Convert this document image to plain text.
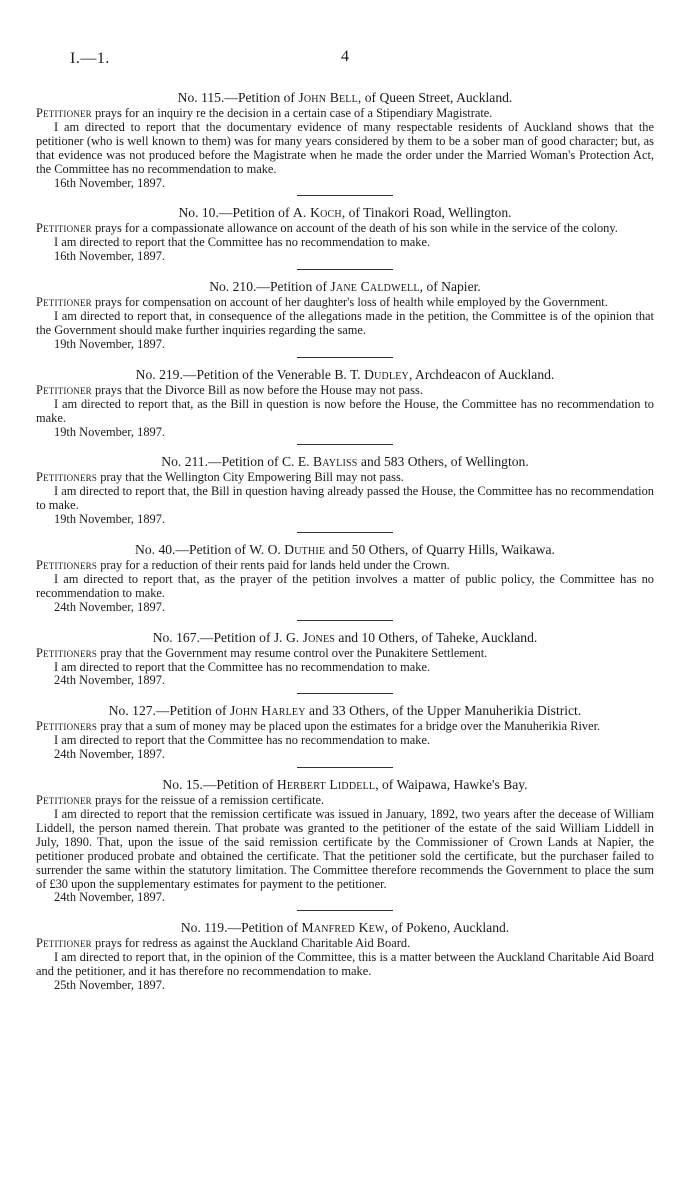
I.—1.	4
No. 115.—Petition of John Bell, of Queen Street, Auckland.

Petitioner prays for an inquiry re the decision in a certain case of a Stipendiary Magistrate.

I am directed to report that the documentary evidence of many respectable residents of Auckland shows that the petitioner (who is well known to them) was for many years considered by them to be a sober man of good character; but, as that evidence was not produced before the Magistrate when he made the order under the Married Woman's Protection Act, the Committee has no recommendation to make.

16th November, 1897.

No. 10.—Petition of A. Koch, of Tinakori Road, Wellington.

Petitioner prays for a compassionate allowance on account of the death of his son while in the service of the colony.

I am directed to report that the Committee has no recommendation to make.

16th November, 1897.

No. 210.—Petition of Jane Caldwell, of Napier.

Petitioner prays for compensation on account of her daughter's loss of health while employed by the Government.

I am directed to report that, in consequence of the allegations made in the petition, the Committee is of the opinion that the Government should make further inquiries regarding the same.

19th November, 1897.

No. 219.—Petition of the Venerable B. T. Dudley, Archdeacon of Auckland.

Petitioner prays that the Divorce Bill as now before the House may not pass.

I am directed to report that, as the Bill in question is now before the House, the Committee has no recommendation to make.

19th November, 1897.

No. 211.—Petition of C. E. Bayliss and 583 Others, of Wellington.

Petitioners pray that the Wellington City Empowering Bill may not pass.

I am directed to report that, the Bill in question having already passed the House, the Committee has no recommendation to make.

19th November, 1897.

No. 40.—Petition of W. O. Duthie and 50 Others, of Quarry Hills, Waikawa.

Petitioners pray for a reduction of their rents paid for lands held under the Crown.

I am directed to report that, as the prayer of the petition involves a matter of public policy, the Committee has no recommendation to make.

24th November, 1897.

No. 167.—Petition of J. G. Jones and 10 Others, of Taheke, Auckland.

Petitioners pray that the Government may resume control over the Punakitere Settlement.

I am directed to report that the Committee has no recommendation to make.

24th November, 1897.

No. 127.—Petition of John Harley and 33 Others, of the Upper Manuherikia District.

Petitioners pray that a sum of money may be placed upon the estimates for a bridge over the Manuherikia River.

I am directed to report that the Committee has no recommendation to make.

24th November, 1897.

No. 15.—Petition of Herbert Liddell, of Waipawa, Hawke's Bay.

Petitioner prays for the reissue of a remission certificate.

I am directed to report that the remission certificate was issued in January, 1892, two years after the decease of William Liddell, the person named therein. That probate was granted to the petitioner of the estate of the said William Liddell in July, 1890. That, upon the issue of the said remission certificate by the Commissioner of Crown Lands at Napier, the petitioner produced probate and obtained the certificate. That the petitioner sold the certificate, but the purchaser failed to surrender the same within the statutory limitation. The Committee therefore recommends the Government to place the sum of £30 upon the supplementary estimates for payment to the petitioner.

24th November, 1897.

No. 119.—Petition of Manfred Kew, of Pokeno, Auckland.

Petitioner prays for redress as against the Auckland Charitable Aid Board.

I am directed to report that, in the opinion of the Committee, this is a matter between the Auckland Charitable Aid Board and the petitioner, and it has therefore no recommendation to make.

25th November, 1897.
